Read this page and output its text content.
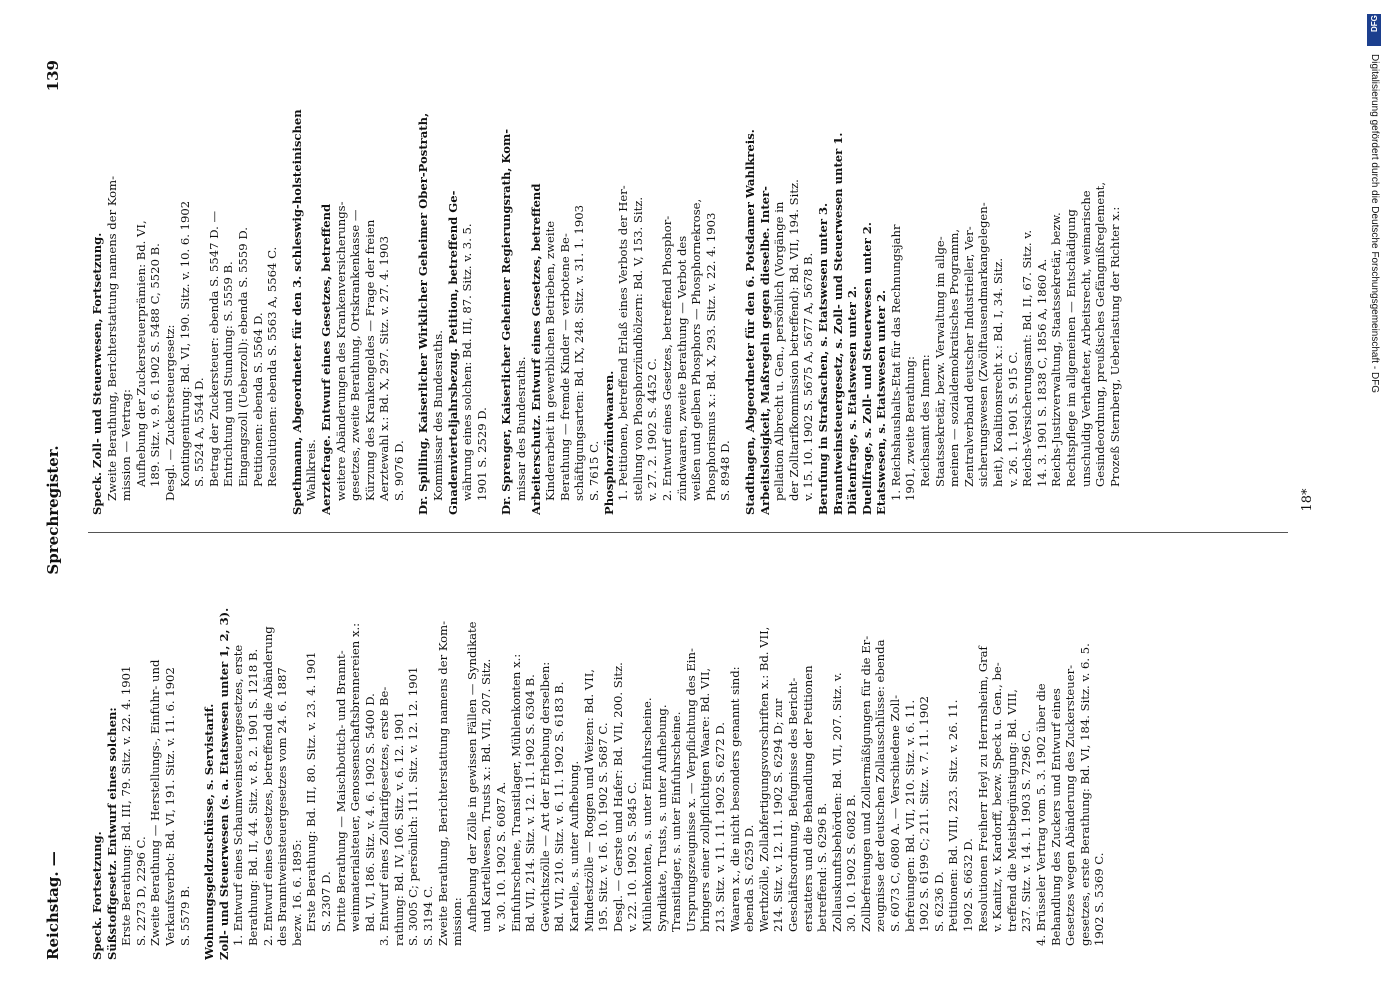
Reichstag. —
Sprechregister.
139
Speck. Fortsetzung. Süßstoffgesetz. Entwurf eines solchen: Erste Berathung: Bd. III, 79. Sitz. v. 22. 4. 1901 S. 2273 D, 2296 C. Zweite Berathung — Herstellungs-, Einfuhr- und Verkaufsverbot: Bd. VI, 191. Sitz. v. 11. 6. 1902 S. 5579 B. Wohnungsgeldzuschüsse, s. Servistarif. Zoll- und Steuerwesen (s. a. Etatswesen unter 1, 2, 3). 1. Entwurf eines Schaumweinsteuergesetzes, erste Berathung: Bd. II, 44. Sitz. v. 8. 2. 1901 S. 1218 B. 2. Entwurf eines Gesetzes, betreffend die Abänderung des Branntweinsteuergesetzes vom 24. 6. 1887 bezw. 16. 6. 1895: Erste Berathung: Bd. III, 80. Sitz. v. 23. 4. 1901 S. 2307 D. Dritte Berathung — Maischbottich- und Brannt- weinmaterialsteuer, Genossenschaftsbrennereien x.: Bd. VI, 186. Sitz. v. 4. 6. 1902 S. 5400 D. 3. Entwurf eines Zolltarifgesetzes, erste Be- rathung: Bd. IV, 106. Sitz. v. 6. 12. 1901 S. 3005 C; persönlich: 111. Sitz. v. 12. 12. 1901 S. 3194 C. Zweite Berathung, Berichterstattung namens der Kom- mission: Aufhebung der Zölle in gewissen Fällen — Syndikate und Kartellwesen, Trusts x.: Bd. VII, 207. Sitz. v. 30. 10. 1902 S. 6087 A. Einfuhrscheine, Transitlager, Mühlenkonten x.: Bd. VII, 214. Sitz. v. 12. 11. 1902 S. 6304 B. Gewichtszölle — Art der Erhebung derselben: Bd. VII, 210. Sitz. v. 6. 11. 1902 S. 6183 B. Kartelle, s. unter Aufhebung. Mindestzölle — Roggen und Weizen: Bd. VII, 195. Sitz. v. 16. 10. 1902 S. 5687 C. Desgl. — Gerste und Hafer: Bd. VII, 200. Sitz. v. 22. 10. 1902 S. 5845 C. Mühlenkonten, s. unter Einfuhrscheine. Syndikate, Trusts, s. unter Aufhebung. Transitlager, s. unter Einfuhrscheine. Ursprungszeugnisse x. — Verpflichtung des Ein- bringers einer zollpflichtigen Waare: Bd. VII, 213. Sitz. v. 11. 11. 1902 S. 6272 D. Waaren x., die nicht besonders genannt sind: ebenda S. 6259 D. Werthzölle, Zollabfertigungsvorschriften x.: Bd. VII, 214. Sitz. v. 12. 11. 1902 S. 6294 D; zur Geschäftsordnung, Befugnisse des Bericht- erstatters und die Behandlung der Petitionen betreffend: S. 6296 B. Zollauskunftsbehörden: Bd. VII, 207. Sitz. v. 30. 10. 1902 S. 6082 B. Zollbefreiungen und Zollermäßigungen für die Er- zeugnisse der deutschen Zollausschlüsse: ebenda S. 6073 C, 6080 A. — Verschiedene Zoll- befreiungen: Bd. VII, 210. Sitz. v. 6. 11. 1902 S. 6199 C; 211. Sitz. v. 7. 11. 1902 S. 6236 D. Petitionen: Bd. VIII, 223. Sitz. v. 26. 11. 1902 S. 6632 D. Resolutionen Freiherr Heyl zu Herrnsheim, Graf v. Kanitz, v. Kardorff, bezw. Speck u. Gen., be- treffend die Meistbegünstigung: Bd. VIII, 237. Sitz. v. 14. 1. 1903 S. 7296 C. 4. Brüsseler Vertrag vom 5. 3. 1902 über die Behandlung des Zuckers und Entwurf eines Gesetzes wegen Abänderung des Zuckersteuer- gesetzes, erste Berathung: Bd. VI, 184. Sitz. v. 6. 5. 1902 S. 5369 C.
Speck. Zoll- und Steuerwesen, Fortsetzung. Zweite Berathung, Berichterstattung namens der Kom- mission — Vertrag: Aufhebung der Zuckersteuerprämien: Bd. VI, 189. Sitz. v. 9. 6. 1902 S. 5488 C, 5520 B. Desgl. — Zuckersteuergesetz: Kontingentirung: Bd. VI, 190. Sitz. v. 10. 6. 1902 S. 5524 A, 5544 D. Betrag der Zuckersteuer: ebenda S. 5547 D. — Entrichtung und Stundung: S. 5559 B. Eingangszoll (Ueberzoll): ebenda S. 5559 D. Petitionen: ebenda S. 5564 D. Resolutionen: ebenda S. 5563 A, 5564 C. Spethmann, Abgeordneter für den 3. schleswig-holsteinischen Wahlkreis. Aerztefrage. Entwurf eines Gesetzes, betreffend weitere Abänderungen des Krankenversicherungs- gesetzes, zweite Berathung, Ortskrankenkasse — Kürzung des Krankengeldes — Frage der freien Aerztewahl x.: Bd. X, 297. Sitz. v. 27. 4. 1903 S. 9076 D. Dr. Spilling, Kaiserlicher Wirklicher Geheimer Ober-Postrath, Kommissar des Bundesraths. Gnadenvierteljahrsbezug. Petition, betreffend Ge- währung eines solchen: Bd. III, 87. Sitz. v. 3. 5. 1901 S. 2529 D. Dr. Sprenger, Kaiserlicher Geheimer Regierungsrath, Kom- missar des Bundesraths. Arbeiterschutz. Entwurf eines Gesetzes, betreffend Kinderarbeit in gewerblichen Betrieben, zweite Berathung — fremde Kinder — verbotene Be- schäftigungsarten: Bd. IX, 248. Sitz. v. 31. 1. 1903 S. 7615 C. Phosphorzündwaaren. 1. Petitionen, betreffend Erlaß eines Verbots der Her- stellung von Phosphorzündhölzern: Bd. V, 153. Sitz. v. 27. 2. 1902 S. 4452 C. 2. Entwurf eines Gesetzes, betreffend Phosphor- zündwaaren, zweite Berathung — Verbot des weißen und gelben Phosphors — Phosphornekrose, Phosphorismus x.: Bd. X, 293. Sitz. v. 22. 4. 1903 S. 8948 D. Stadthagen, Abgeordneter für den 6. Potsdamer Wahlkreis. Arbeitslosigkeit, Maßregeln gegen dieselbe. Inter- pellation Albrecht u. Gen., persönlich (Vorgänge in der Zolltarifkommission betreffend): Bd. VII, 194. Sitz. v. 15. 10. 1902 S. 5675 A, 5677 A, 5678 B. Berufung in Strafsachen, s. Etatswesen unter 3. Branntweinsteuergesetz, s. Zoll- und Steuerwesen unter 1. Diätenfrage, s. Etatswesen unter 2. Duellfrage, s. Zoll- und Steuerwesen unter 2. Etatswesen, s. Etatswesen unter 2. 1. Reichshaushalts-Etat für das Rechnungsjahr 1901, zweite Berathung: Reichsamt des Innern: Staatssekretär, bezw. Verwaltung im allge- meinen — sozialdemokratisches Programm, Zentralverband deutscher Industrieller, Ver- sicherungswesen (Zwölftausendmarkangelegen- heit), Koalitionsrecht x.: Bd. I, 34. Sitz. v. 26. 1. 1901 S. 915 C. Reichs-Versicherungsamt: Bd. II, 67. Sitz. v. 14. 3. 1901 S. 1838 C, 1856 A, 1860 A. Reichs-Justizverwaltung, Staatssekretär, bezw. Rechtspflege im allgemeinen — Entschädigung unschuldig Verhafteter, Arbeitsrecht, weimarische Gesindeordnung, preußisches Gefängnißreglement, Prozeß Sternberg, Ueberlastung der Richter x.:
18*
DFG
Digitalisierung gefördert durch die Deutsche Forschungsgemeinschaft - DFG
